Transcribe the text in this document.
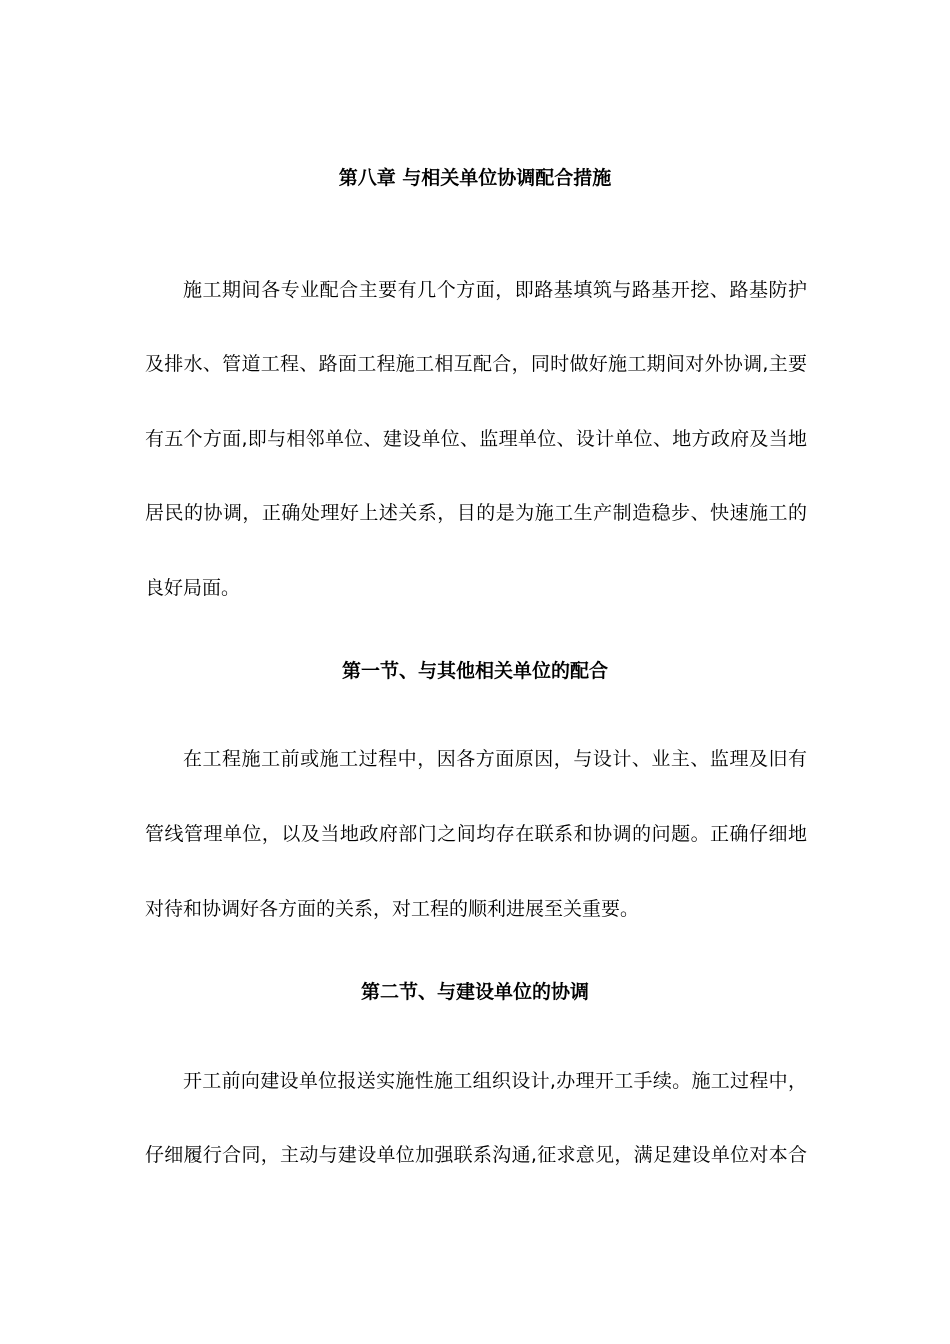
第八章 与相关单位协调配合措施
施工期间各专业配合主要有几个方面，即路基填筑与路基开挖、路基防护
及排水、管道工程、路面工程施工相互配合，同时做好施工期间对外协调,主要
有五个方面,即与相邻单位、建设单位、监理单位、设计单位、地方政府及当地
居民的协调，正确处理好上述关系，目的是为施工生产制造稳步、快速施工的
良好局面。
第一节、与其他相关单位的配合
在工程施工前或施工过程中，因各方面原因，与设计、业主、监理及旧有
管线管理单位，以及当地政府部门之间均存在联系和协调的问题。正确仔细地
对待和协调好各方面的关系，对工程的顺利进展至关重要。
第二节、与建设单位的协调
开工前向建设单位报送实施性施工组织设计,办理开工手续。施工过程中，
仔细履行合同，主动与建设单位加强联系沟通,征求意见，满足建设单位对本合
